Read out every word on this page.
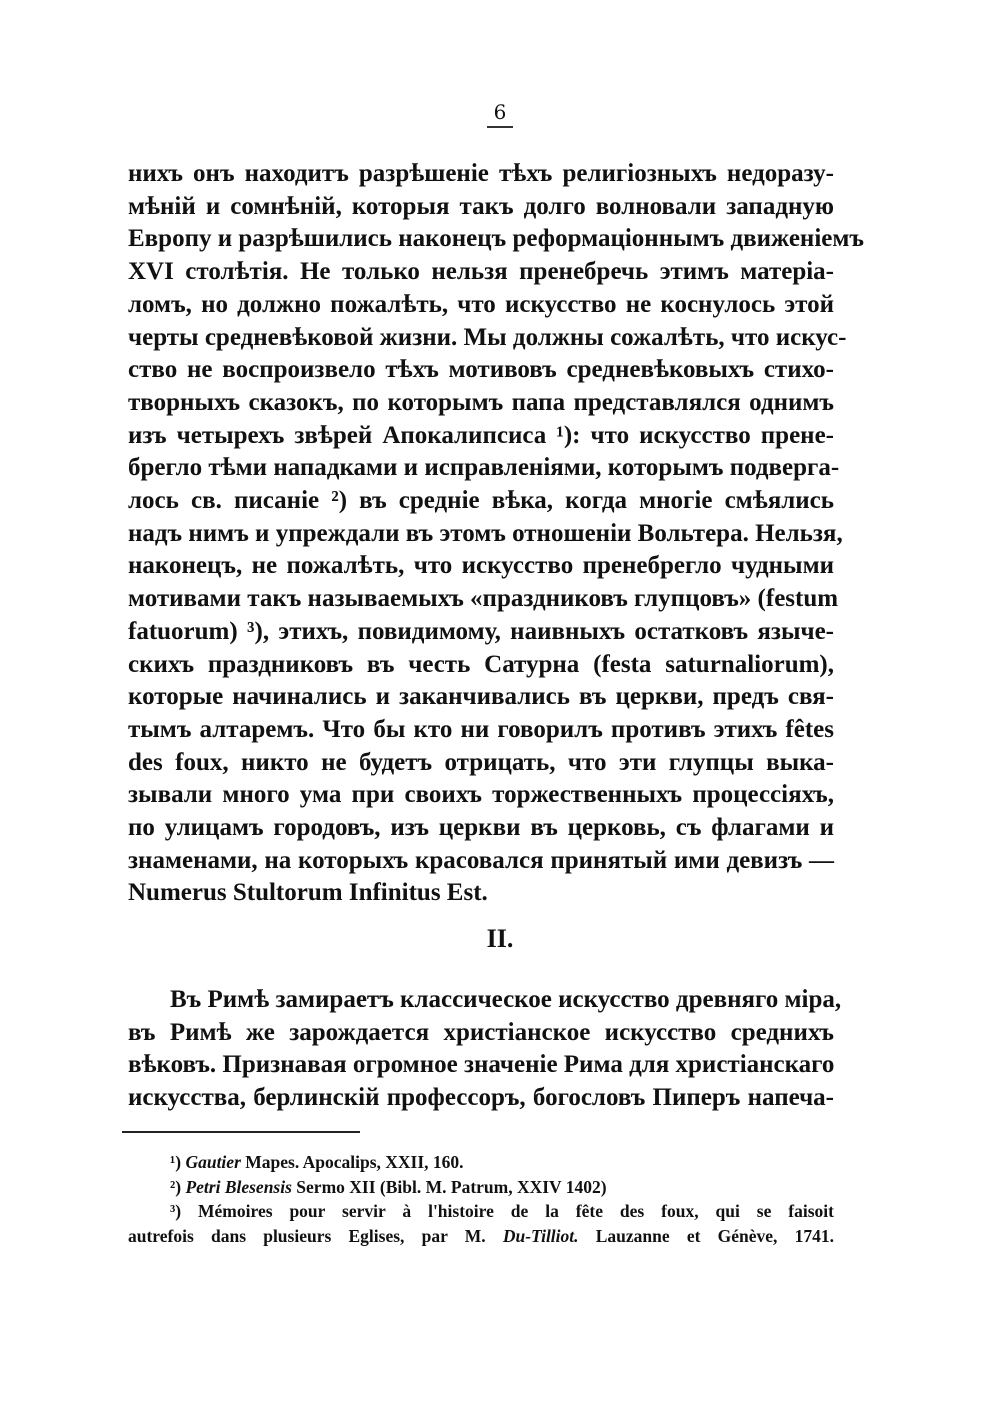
6
нихъ онъ находитъ разрѣшеніе тѣхъ религіозныхъ недоразу-
мѣній и сомнѣній, которыя такъ долго волновали западную
Европу и разрѣшились наконецъ реформаціоннымъ движеніемъ
XVI столѣтія. Не только нельзя пренебречь этимъ матеріа-
ломъ, но должно пожалѣть, что искусство не коснулось этой
черты средневѣковой жизни. Мы должны сожалѣть, что искус-
ство не воспроизвело тѣхъ мотивовъ средневѣковыхъ стихо-
творныхъ сказокъ, по которымъ папа представлялся однимъ
изъ четырехъ звѣрей Апокалипсиса ¹): что искусство прене-
брегло тѣми нападками и исправленіями, которымъ подверга-
лось св. писаніе ²) въ средніе вѣка, когда многіе смѣялись
надъ нимъ и упреждали въ этомъ отношеніи Вольтера. Нельзя,
наконецъ, не пожалѣть, что искусство пренебрегло чудными
мотивами такъ называемыхъ «праздниковъ глупцовъ» (festum
fatuorum) ³), этихъ, повидимому, наивныхъ остатковъ языче-
скихъ праздниковъ въ честь Сатурна (festa saturnaliorum),
которые начинались и заканчивались въ церкви, предъ свя-
тымъ алтаремъ. Что бы кто ни говорилъ противъ этихъ fêtes
des foux, никто не будетъ отрицать, что эти глупцы выка-
зывали много ума при своихъ торжественныхъ процессіяхъ,
по улицамъ городовъ, изъ церкви въ церковь, съ флагами и
знаменами, на которыхъ красовался принятый ими девизъ —
Numerus Stultorum Infinitus Est.
II.
Въ Римѣ замираетъ классическое искусство древняго міра,
въ Римѣ же зарождается христіанское искусство среднихъ
вѣковъ. Признавая огромное значеніе Рима для христіанскаго
искусства, берлинскій профессоръ, богословъ Пиперъ напеча-
¹) Gautier Mapes. Apocalips, XXII, 160.
²) Petri Blesensis Sermo XII (Bibl. M. Patrum, XXIV 1402)
³) Mémoires pour servir à l'histoire de la fête des foux, qui se faisoit
autrefois dans plusieurs Eglises, par M. Du-Tilliot. Lauzanne et Génève, 1741.
